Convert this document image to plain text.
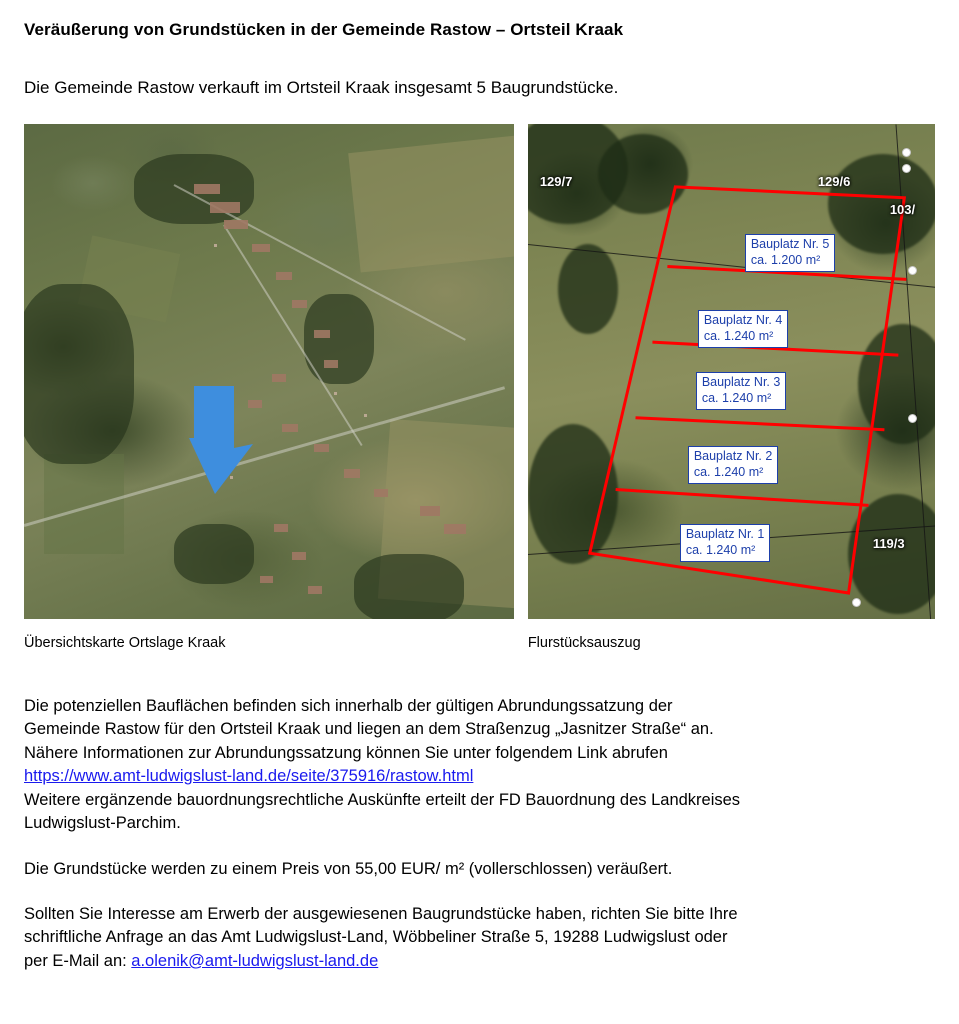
Veräußerung von Grundstücken in der Gemeinde Rastow – Ortsteil Kraak

Die Gemeinde Rastow verkauft im Ortsteil Kraak insgesamt 5 Baugrundstücke.

Übersichtskarte Ortslage Kraak
129/7	129/6
103/
119/3
Bauplatz Nr. 5
ca. 1.200 m²
Bauplatz Nr. 4
ca. 1.240 m²
Bauplatz Nr. 3
ca. 1.240 m²
Bauplatz Nr. 2
ca. 1.240 m²
Bauplatz Nr. 1
ca. 1.240 m²
Flurstücksauszug

Die potenziellen Bauflächen befinden sich innerhalb der gültigen Abrundungssatzung der

Gemeinde Rastow für den Ortsteil Kraak und liegen an dem Straßenzug „Jasnitzer Straße“ an.

Nähere Informationen zur Abrundungssatzung können Sie unter folgendem Link abrufen

https://www.amt-ludwigslust-land.de/seite/375916/rastow.html

Weitere ergänzende bauordnungsrechtliche Auskünfte erteilt der FD Bauordnung des Landkreises

Ludwigslust-Parchim.

Die Grundstücke werden zu einem Preis von 55,00 EUR/ m² (vollerschlossen) veräußert.

Sollten Sie Interesse am Erwerb der ausgewiesenen Baugrundstücke haben, richten Sie bitte Ihre

schriftliche Anfrage an das Amt Ludwigslust-Land, Wöbbeliner Straße 5, 19288 Ludwigslust oder

per E-Mail an: a.olenik@amt-ludwigslust-land.de
